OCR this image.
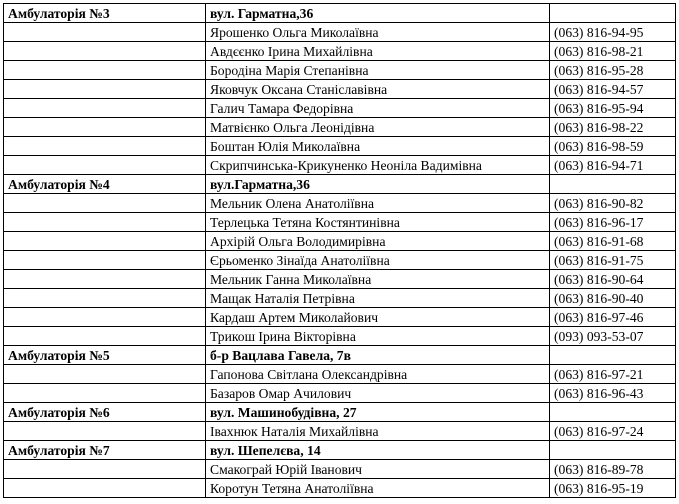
Амбулаторія №3	вул. Гарматна,36	
	Ярошенко Ольга Миколаївна	(063) 816-94-95
	Авдєєнко Ірина Михайлівна	(063) 816-98-21
	Бородіна Марія Степанівна	(063) 816-95-28
	Яковчук Оксана Станіславівна	(063) 816-94-57
	Галич Тамара Федорівна	(063) 816-95-94
	Матвієнко Ольга Леонідівна	(063) 816-98-22
	Боштан Юлія Миколаївна	(063) 816-98-59
	Скрипчинська-Крикуненко Неоніла Вадимівна	(063) 816-94-71
Амбулаторія №4	вул.Гарматна,36	
	Мельник Олена Анатоліївна	(063) 816-90-82
	Терлецька Тетяна Костянтинівна	(063) 816-96-17
	Архірій Ольга Володимирівна	(063) 816-91-68
	Єрьоменко Зінаїда Анатоліївна	(063) 816-91-75
	Мельник Ганна Миколаївна	(063) 816-90-64
	Мащак Наталія Петрівна	(063) 816-90-40
	Кардаш Артем Миколайович	(063) 816-97-46
	Трикош Ірина Вікторівна	(093) 093-53-07
Амбулаторія №5	б-р Вацлава Гавела, 7в	
	Гапонова Світлана Олександрівна	(063) 816-97-21
	Базаров Омар Ачилович	(063) 816-96-43
Амбулаторія №6	вул. Машинобудівна, 27	
	Івахнюк Наталія Михайлівна	(063) 816-97-24
Амбулаторія №7	вул. Шепелєва, 14	
	Смакограй Юрій Іванович	(063) 816-89-78
	Коротун Тетяна Анатоліївна	(063) 816-95-19
